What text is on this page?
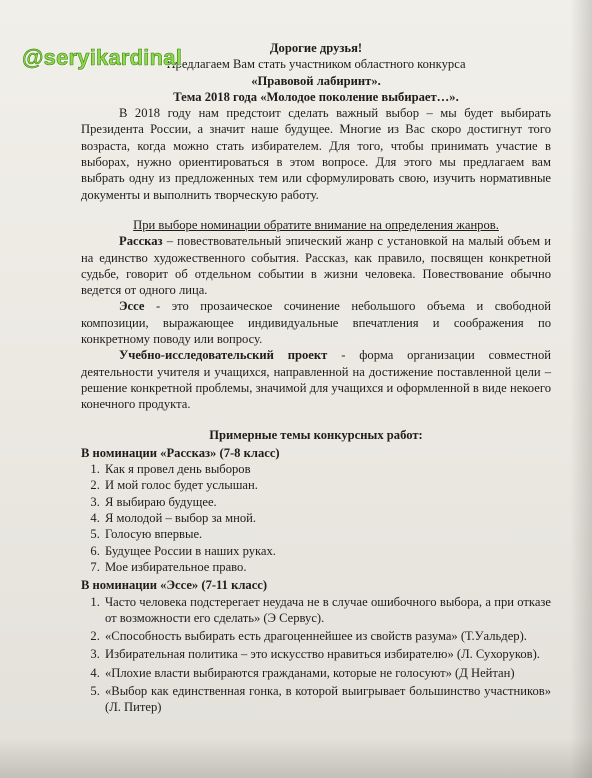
Дорогие друзья!

Предлагаем Вам стать участником областного конкурса

«Правовой лабиринт».

Тема 2018 года «Молодое поколение выбирает…».

В 2018 году нам предстоит сделать важный выбор – мы будет выбирать Президента России, а значит наше будущее. Многие из Вас скоро достигнут того возраста, когда можно стать избирателем. Для того, чтобы принимать участие в выборах, нужно ориентироваться в этом вопросе. Для этого мы предлагаем вам выбрать одну из предложенных тем или сформулировать свою, изучить нормативные документы и выполнить творческую работу.

При выборе номинации обратите внимание на определения жанров.

Рассказ – повествовательный эпический жанр с установкой на малый объем и на единство художественного события. Рассказ, как правило, посвящен конкретной судьбе, говорит об отдельном событии в жизни человека. Повествование обычно ведется от одного лица.

Эссе - это прозаическое сочинение небольшого объема и свободной композиции, выражающее индивидуальные впечатления и соображения по конкретному поводу или вопросу.

Учебно-исследовательский проект - форма организации совместной деятельности учителя и учащихся, направленной на достижение поставленной цели – решение конкретной проблемы, значимой для учащихся и оформленной в виде некоего конечного продукта.

Примерные темы конкурсных работ:

В номинации «Рассказ» (7-8 класс)

1. Как я провел день выборов
2. И мой голос будет услышан.
3. Я выбираю будущее.
4. Я молодой – выбор за мной.
5. Голосую впервые.
6. Будущее России в наших руках.
7. Мое избирательное право.

В номинации «Эссе» (7-11 класс)

1. Часто человека подстерегает неудача не в случае ошибочного выбора, а при отказе от возможности его сделать» (Э Сервус).
2. «Способность выбирать есть драгоценнейшее из свойств разума» (Т.Уальдер).
3. Избирательная политика – это искусство нравиться избирателю» (Л. Сухоруков).
4. «Плохие власти выбираются гражданами, которые не голосуют» (Д Нейтан)
5. «Выбор как единственная гонка, в которой выигрывает большинство участников» (Л. Питер)
@seryikardinal
